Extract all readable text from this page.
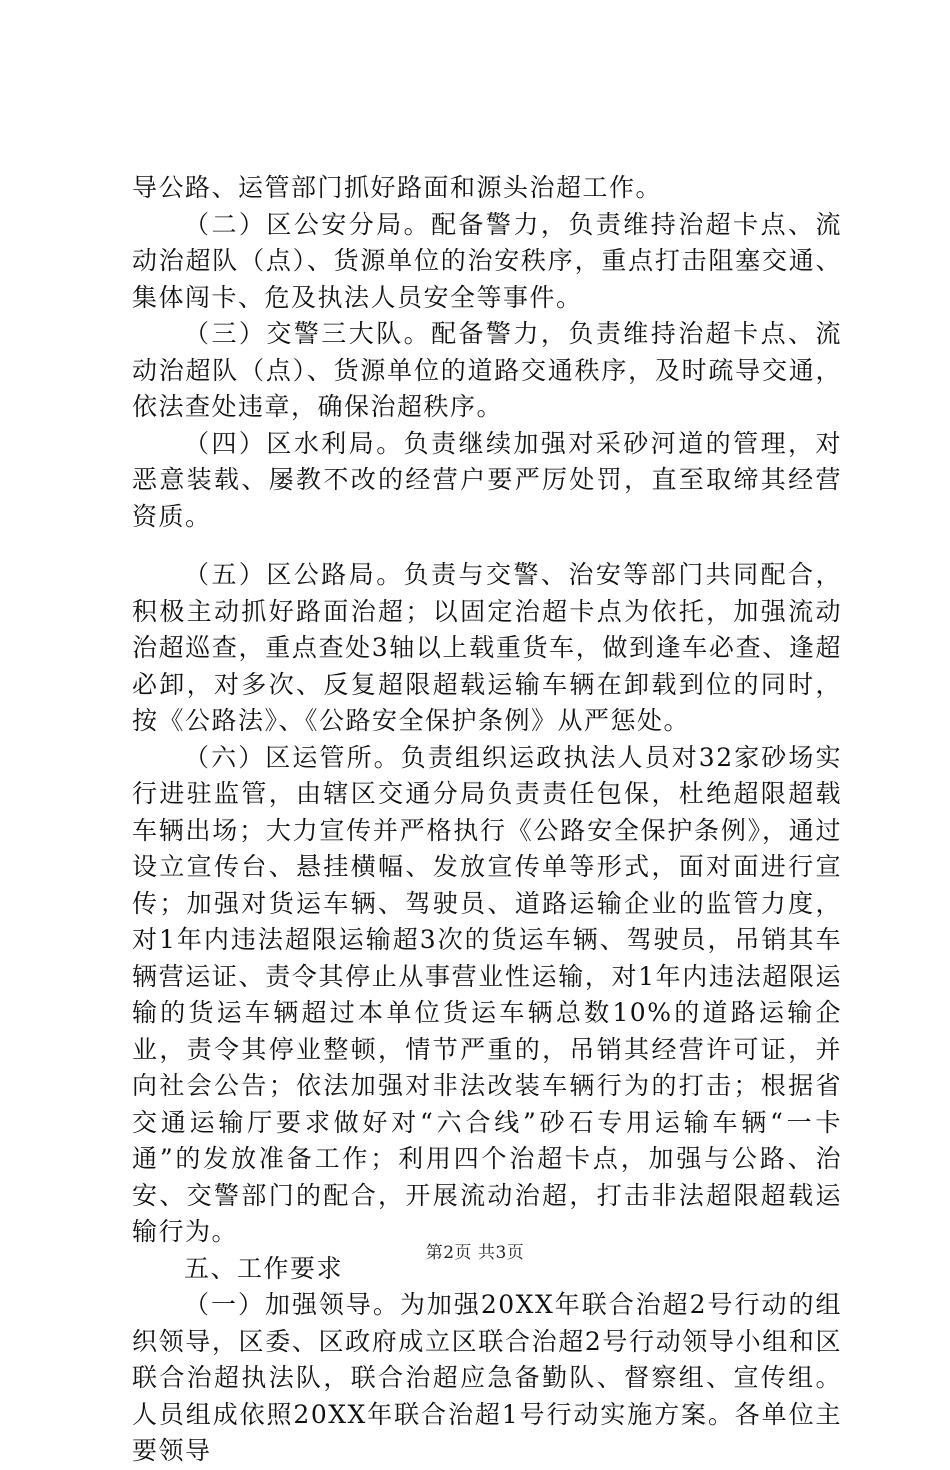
导公路、运管部门抓好路面和源头治超工作。

（二）区公安分局。配备警力，负责维持治超卡点、流动治超队（点）、货源单位的治安秩序，重点打击阻塞交通、集体闯卡、危及执法人员安全等事件。

（三）交警三大队。配备警力，负责维持治超卡点、流动治超队（点）、货源单位的道路交通秩序，及时疏导交通，依法查处违章，确保治超秩序。

（四）区水利局。负责继续加强对采砂河道的管理，对恶意装载、屡教不改的经营户要严厉处罚，直至取缔其经营资质。

（五）区公路局。负责与交警、治安等部门共同配合，积极主动抓好路面治超；以固定治超卡点为依托，加强流动治超巡查，重点查处3轴以上载重货车，做到逢车必查、逢超必卸，对多次、反复超限超载运输车辆在卸载到位的同时，按《公路法》、《公路安全保护条例》从严惩处。

（六）区运管所。负责组织运政执法人员对32家砂场实行进驻监管，由辖区交通分局负责责任包保，杜绝超限超载车辆出场；大力宣传并严格执行《公路安全保护条例》，通过设立宣传台、悬挂横幅、发放宣传单等形式，面对面进行宣传；加强对货运车辆、驾驶员、道路运输企业的监管力度，对1年内违法超限运输超3次的货运车辆、驾驶员，吊销其车辆营运证、责令其停止从事营业性运输，对1年内违法超限运输的货运车辆超过本单位货运车辆总数10%的道路运输企业，责令其停业整顿，情节严重的，吊销其经营许可证，并向社会公告；依法加强对非法改装车辆行为的打击；根据省交通运输厅要求做好对“六合线”砂石专用运输车辆“一卡通”的发放准备工作；利用四个治超卡点，加强与公路、治安、交警部门的配合，开展流动治超，打击非法超限超载运输行为。

五、工作要求

（一）加强领导。为加强20XX年联合治超2号行动的组织领导，区委、区政府成立区联合治超2号行动领导小组和区联合治超执法队，联合治超应急备勤队、督察组、宣传组。人员组成依照20XX年联合治超1号行动实施方案。各单位主要领导

第2页 共3页
